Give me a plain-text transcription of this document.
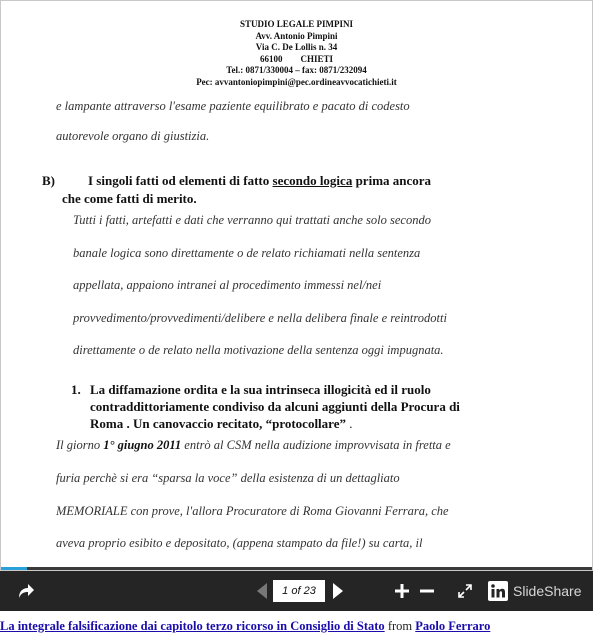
STUDIO LEGALE PIMPINI
Avv. Antonio Pimpini
Via C. De Lollis n. 34
66100        CHIETI
Tel.: 0871/330004 – fax: 0871/232094
Pec: avvantoniopimpini@pec.ordineavvocatichieti.it
e lampante attraverso l'esame paziente equilibrato e pacato di codesto
autorevole organo di giustizia.
B)	I singoli fatti od elementi di fatto secondo logica prima ancora
che come fatti di merito.
Tutti i fatti, artefatti e dati che verranno qui trattati anche solo secondo
banale logica sono direttamente o de relato richiamati nella sentenza
appellata, appaiono intranei al procedimento immessi nel/nei
provvedimento/provvedimenti/delibere e nella delibera finale e reintrodotti
direttamente o de relato nella motivazione della sentenza oggi impugnata.
1. La diffamazione ordita e la sua intrinseca illogicità ed il ruolo
contraddittoriamente condiviso da alcuni aggiunti della Procura di
Roma . Un canovaccio recitato, “protocollare” .
Il giorno 1° giugno 2011 entrò al CSM nella audizione improvvisata in fretta e
furia perchè si era “sparsa la voce” della esistenza di un dettagliato
MEMORIALE con prove, l'allora Procuratore di Roma Giovanni Ferrara, che
aveva proprio esibito e depositato, (appena stampato da file!) su carta, il
1 of 23	SlideShare
La integrale falsificazione dai capitolo terzo ricorso in Consiglio di Stato from Paolo Ferraro
